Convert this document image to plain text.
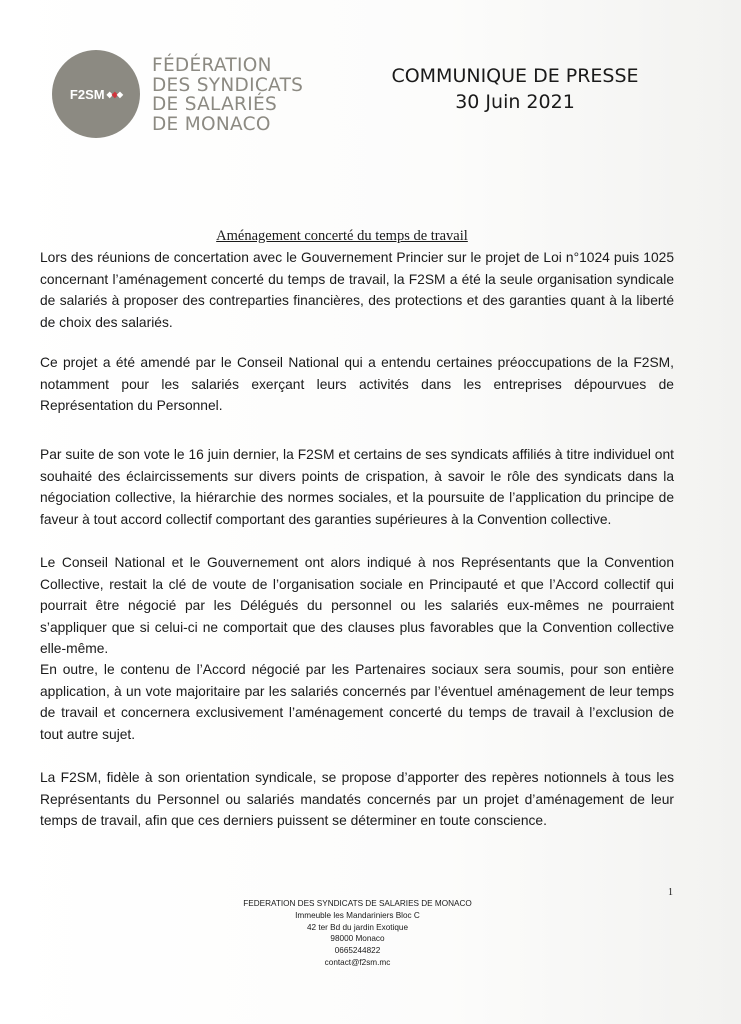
F2SM ◆◆◆
FÉDÉRATION
DES SYNDICATS
DE SALARIÉS
DE MONACO
COMMUNIQUE DE PRESSE
30 Juin 2021
Aménagement concerté du temps de travail

Lors des réunions de concertation avec le Gouvernement Princier sur le projet de Loi n°1024 puis 1025 concernant l’aménagement concerté du temps de travail, la F2SM a été la seule organisation syndicale de salariés à proposer des contreparties financières, des protections et des garanties quant à la liberté de choix des salariés.

Ce projet a été amendé par le Conseil National qui a entendu certaines préoccupations de la F2SM, notamment pour les salariés exerçant leurs activités dans les entreprises dépourvues de Représentation du Personnel.

Par suite de son vote le 16 juin dernier, la F2SM et certains de ses syndicats affiliés à titre individuel ont souhaité des éclaircissements sur divers points de crispation, à savoir le rôle des syndicats dans la négociation collective, la hiérarchie des normes sociales, et la poursuite de l’application du principe de faveur à tout accord collectif comportant des garanties supérieures à la Convention collective.

Le Conseil National et le Gouvernement ont alors indiqué à nos Représentants que la Convention Collective, restait la clé de voute de l’organisation sociale en Principauté et que l’Accord collectif qui pourrait être négocié par les Délégués du personnel ou les salariés eux-mêmes ne pourraient s’appliquer que si celui-ci ne comportait que des clauses plus favorables que la Convention collective elle-même.

En outre, le contenu de l’Accord négocié par les Partenaires sociaux sera soumis, pour son entière application, à un vote majoritaire par les salariés concernés par l’éventuel aménagement de leur temps de travail et concernera exclusivement l’aménagement concerté du temps de travail à l’exclusion de tout autre sujet.

La F2SM, fidèle à son orientation syndicale, se propose d’apporter des repères notionnels à tous les Représentants du Personnel ou salariés mandatés concernés par un projet d’aménagement de leur temps de travail, afin que ces derniers puissent se déterminer en toute conscience.

1
FEDERATION DES SYNDICATS DE SALARIES DE MONACO
Immeuble les Mandariniers Bloc C
42 ter Bd du jardin Exotique
98000 Monaco
0665244822
contact@f2sm.mc
